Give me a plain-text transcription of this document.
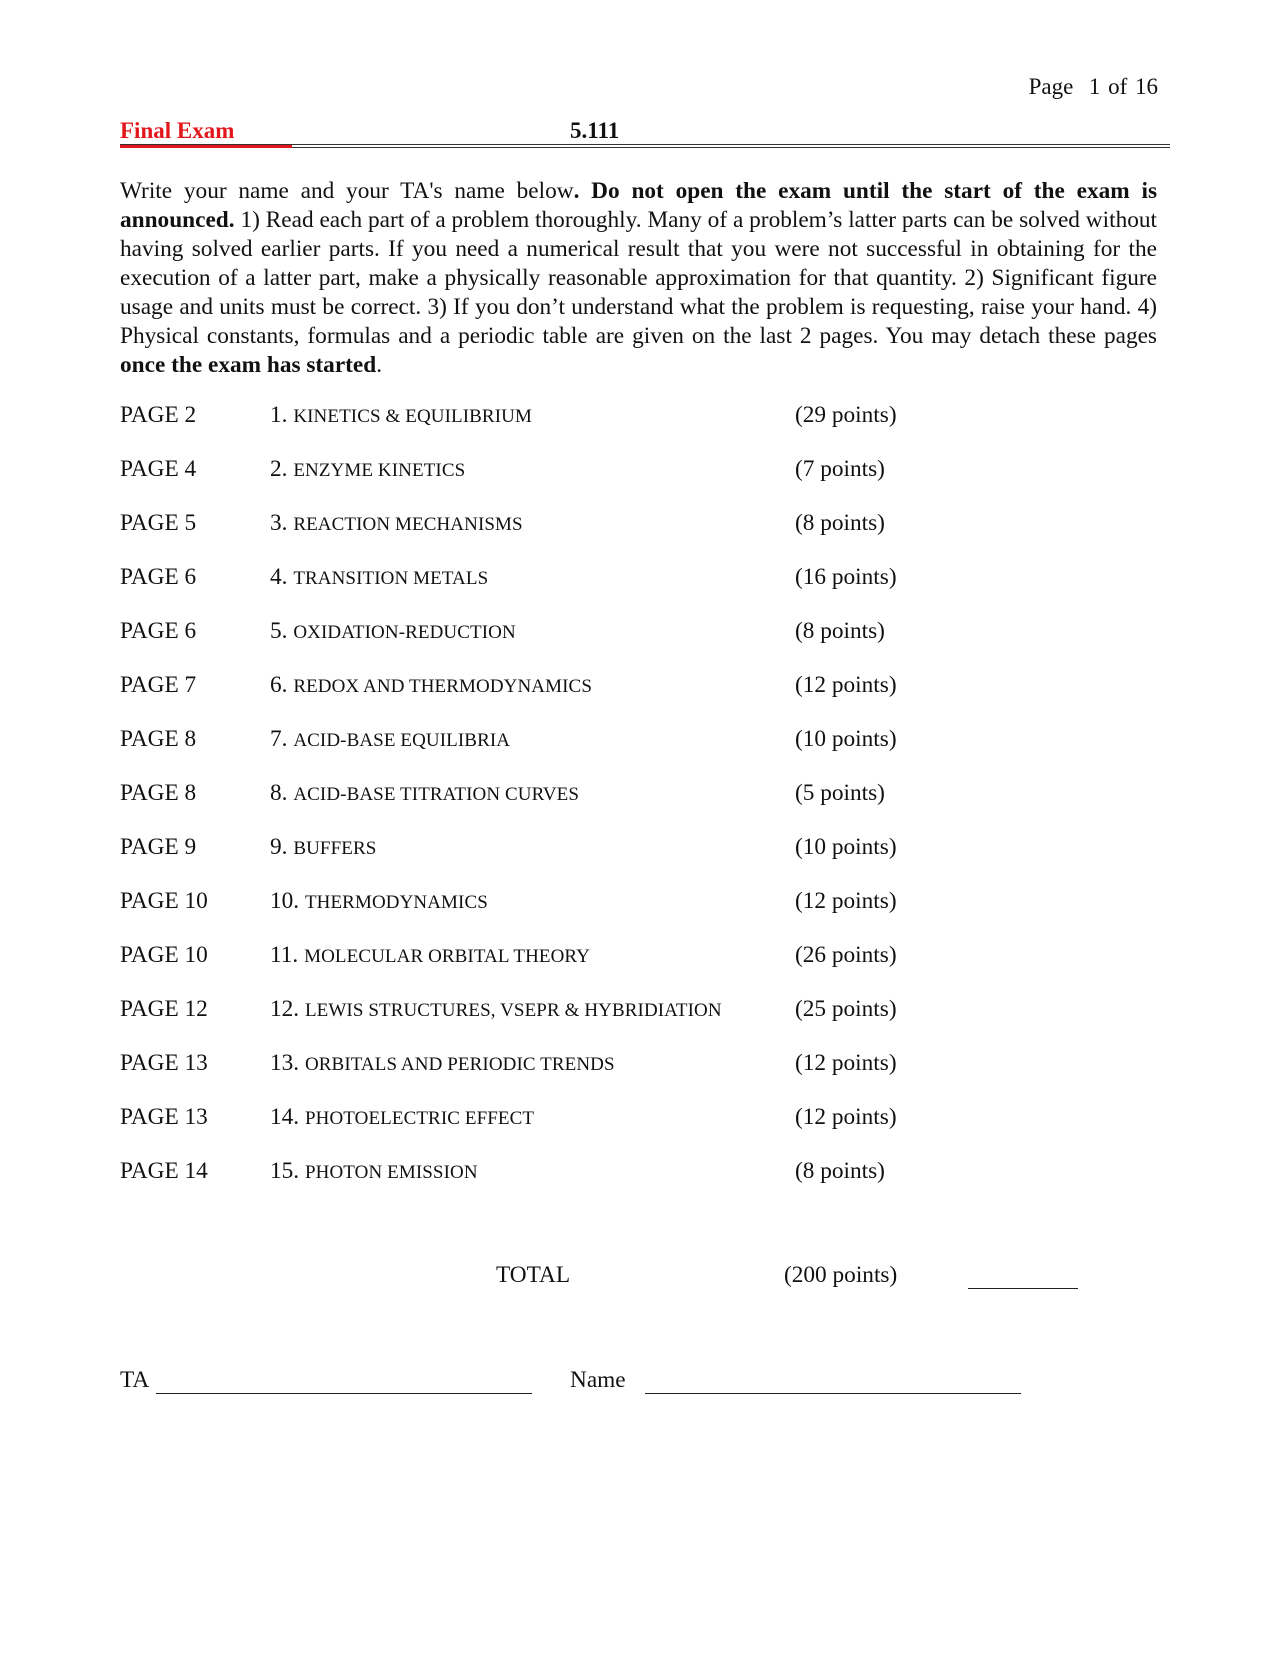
Page 1 of 16
Final Exam	5.111

Write your name and your TA's name below. Do not open the exam until the start of the exam is announced. 1) Read each part of a problem thoroughly. Many of a problem’s latter parts can be solved without having solved earlier parts. If you need a numerical result that you were not successful in obtaining for the execution of a latter part, make a physically reasonable approximation for that quantity. 2) Significant figure usage and units must be correct. 3) If you don’t understand what the problem is requesting, raise your hand. 4) Physical constants, formulas and a periodic table are given on the last 2 pages. You may detach these pages once the exam has started.

PAGE 2	1. KINETICS & EQUILIBRIUM	(29 points)
PAGE 4	2. ENZYME KINETICS	(7 points)
PAGE 5	3. REACTION MECHANISMS	(8 points)
PAGE 6	4. TRANSITION METALS	(16 points)
PAGE 6	5. OXIDATION-REDUCTION	(8 points)
PAGE 7	6. REDOX AND THERMODYNAMICS	(12 points)
PAGE 8	7. ACID-BASE EQUILIBRIA	(10 points)
PAGE 8	8. ACID-BASE TITRATION CURVES	(5 points)
PAGE 9	9. BUFFERS	(10 points)
PAGE 10	10. THERMODYNAMICS	(12 points)
PAGE 10	11. MOLECULAR ORBITAL THEORY	(26 points)
PAGE 12	12. LEWIS STRUCTURES, VSEPR & HYBRIDIATION	(25 points)
PAGE 13	13. ORBITALS AND PERIODIC TRENDS	(12 points)
PAGE 13	14. PHOTOELECTRIC EFFECT	(12 points)
PAGE 14	15. PHOTON EMISSION	(8 points)
TOTAL	(200 points)
TA	Name
